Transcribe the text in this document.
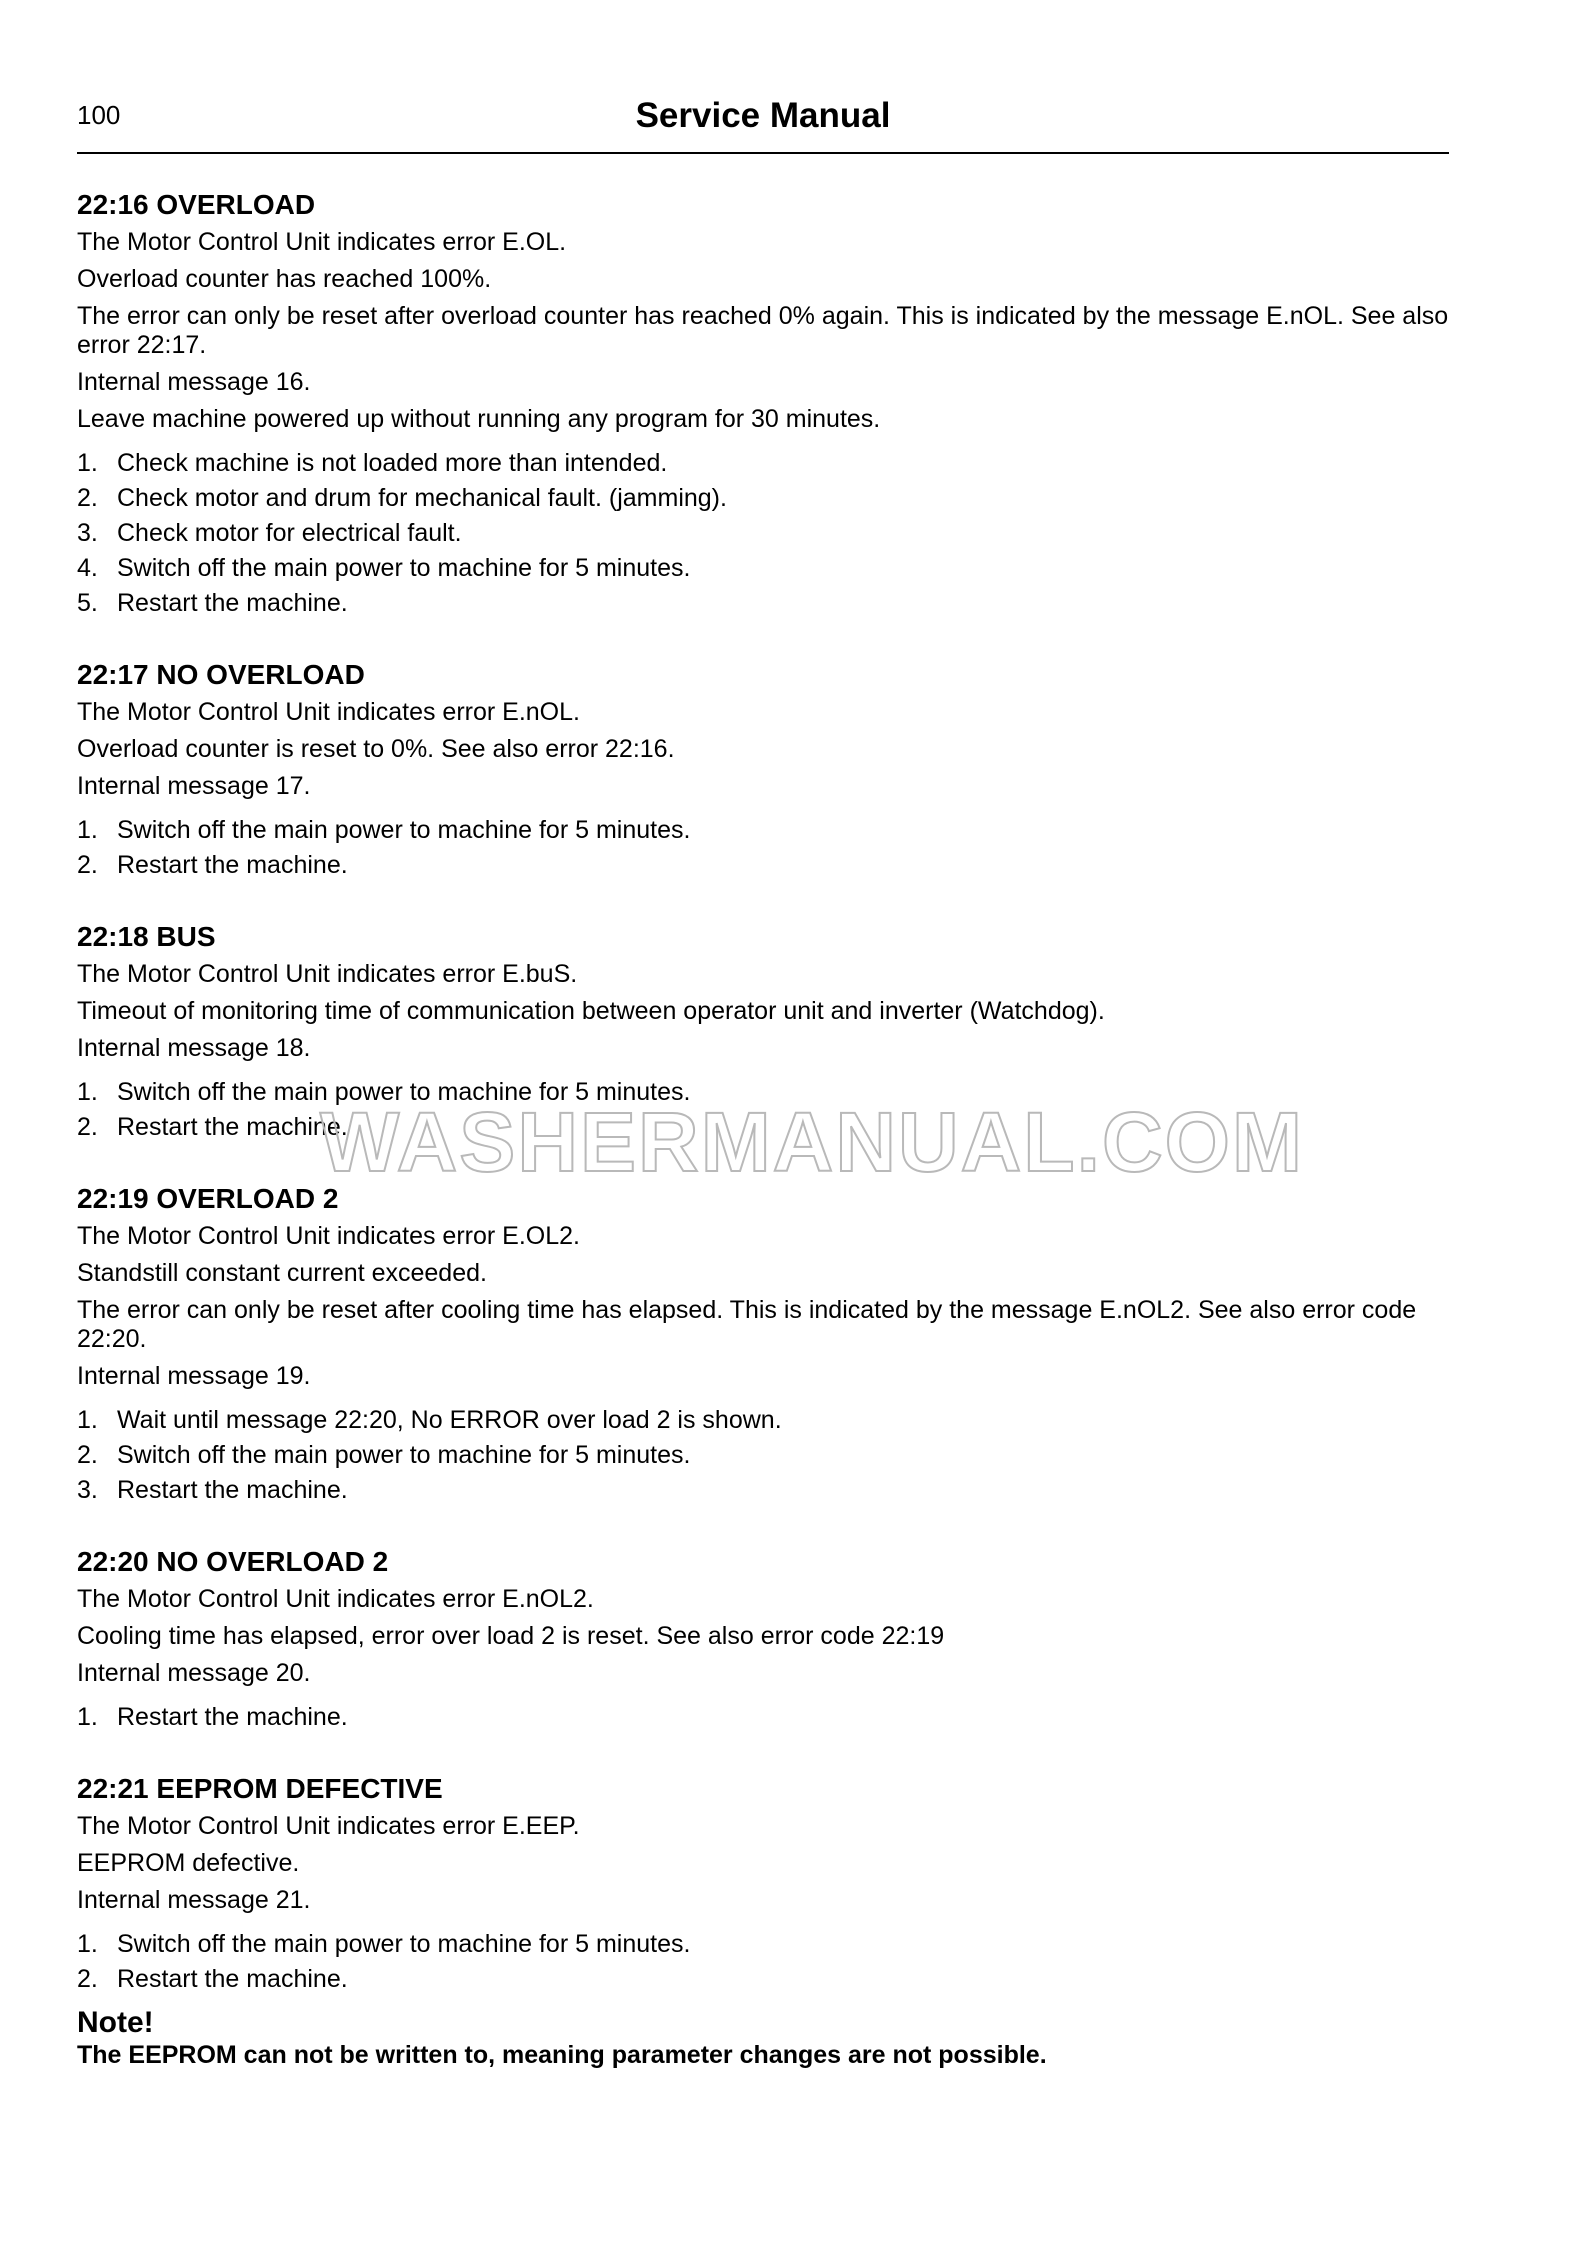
100	Service Manual
22:16 OVERLOAD
The Motor Control Unit indicates error E.OL.
Overload counter has reached 100%.
The error can only be reset after overload counter has reached 0% again. This is indicated by the message E.nOL. See also error 22:17.
Internal message 16.
Leave machine powered up without running any program for 30 minutes.
1. Check machine is not loaded more than intended.
2. Check motor and drum for mechanical fault. (jamming).
3. Check motor for electrical fault.
4. Switch off the main power to machine for 5 minutes.
5. Restart the machine.
22:17 NO OVERLOAD
The Motor Control Unit indicates error E.nOL.
Overload counter is reset to 0%. See also error 22:16.
Internal message 17.
1. Switch off the main power to machine for 5 minutes.
2. Restart the machine.
22:18 BUS
The Motor Control Unit indicates error E.buS.
Timeout of monitoring time of communication between operator unit and inverter (Watchdog).
Internal message 18.
1. Switch off the main power to machine for 5 minutes.
2. Restart the machine.
22:19 OVERLOAD 2
The Motor Control Unit indicates error E.OL2.
Standstill constant current exceeded.
The error can only be reset after cooling time has elapsed. This is indicated by the message E.nOL2. See also error code 22:20.
Internal message 19.
1. Wait until message 22:20, No ERROR over load 2 is shown.
2. Switch off the main power to machine for 5 minutes.
3. Restart the machine.
22:20 NO OVERLOAD 2
The Motor Control Unit indicates error E.nOL2.
Cooling time has elapsed, error over load 2 is reset. See also error code 22:19
Internal message 20.
1. Restart the machine.
22:21 EEPROM DEFECTIVE
The Motor Control Unit indicates error E.EEP.
EEPROM defective.
Internal message 21.
1. Switch off the main power to machine for 5 minutes.
2. Restart the machine.
Note!
The EEPROM can not be written to, meaning parameter changes are not possible.
WASHERMANUAL.COM
